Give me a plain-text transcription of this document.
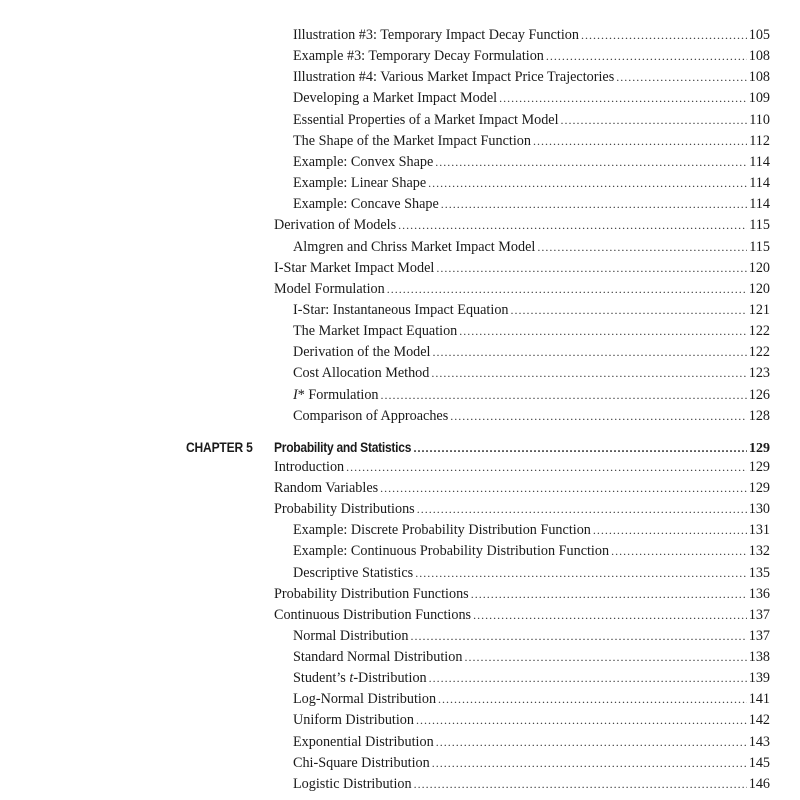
Illustration #3: Temporary Impact Decay Function .....	105
Example #3: Temporary Decay Formulation .....	108
Illustration #4: Various Market Impact Price Trajectories .....	108
Developing a Market Impact Model .....	109
Essential Properties of a Market Impact Model .....	110
The Shape of the Market Impact Function .....	112
Example: Convex Shape .....	114
Example: Linear Shape .....	114
Example: Concave Shape .....	114
Derivation of Models .....	115
Almgren and Chriss Market Impact Model .....	115
I-Star Market Impact Model .....	120
Model Formulation .....	120
I-Star: Instantaneous Impact Equation .....	121
The Market Impact Equation .....	122
Derivation of the Model .....	122
Cost Allocation Method .....	123
I* Formulation .....	126
Comparison of Approaches .....	128
CHAPTER 5	Probability and Statistics .....	129
Introduction .....	129
Random Variables .....	129
Probability Distributions .....	130
Example: Discrete Probability Distribution Function .....	131
Example: Continuous Probability Distribution Function .....	132
Descriptive Statistics .....	135
Probability Distribution Functions .....	136
Continuous Distribution Functions .....	137
Normal Distribution .....	137
Standard Normal Distribution .....	138
Student’s t-Distribution .....	139
Log-Normal Distribution .....	141
Uniform Distribution .....	142
Exponential Distribution .....	143
Chi-Square Distribution .....	145
Logistic Distribution .....	146
